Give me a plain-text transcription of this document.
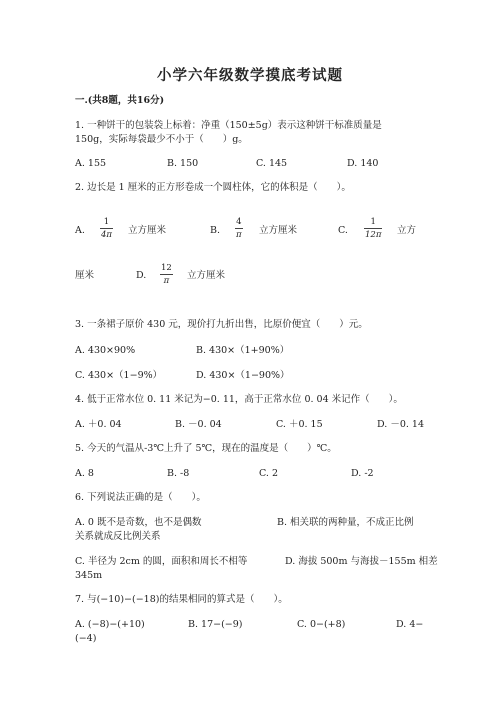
小学六年级数学摸底考试题
一.(共8题，共16分)
1. 一种饼干的包装袋上标着：净重（150±5g）表示这种饼干标准质量是
150g，实际每袋最少不小于（　　）g。
A. 155	B. 150	C. 145	D. 140
2. 边长是 1 厘米的正方形卷成一个圆柱体，它的体积是（　　）。
A.
1
4π 立方厘米	B.
4
π 立方厘米	C.
1
12π 立方
厘米	D.
12
π 立方厘米
3. 一条裙子原价 430 元，现价打九折出售，比原价便宜（　　）元。
A. 430×90%	B. 430×（1+90%）
C. 430×（1−9%）	D. 430×（1−90%）
4. 低于正常水位 0. 11 米记为−0. 11，高于正常水位 0. 04 米记作（　　）。
A. ＋0. 04	B. －0. 04	C. ＋0. 15	D. －0. 14
5. 今天的气温从-3℃上升了 5℃，现在的温度是（　　）℃。
A. 8	B. -8	C. 2	D. -2
6. 下列说法正确的是（　　）。
A. 0 既不是奇数，也不是偶数
关系就成反比例关系
B. 相关联的两种量，不成正比例
C. 半径为 2cm 的圆，面积和周长不相等
345m
D. 海拔 500m 与海拔－155m 相差
7. 与(−10)−(−18)的结果相同的算式是（　　）。
A. (−8)−(+10)	B. 17−(−9)	C. 0−(+8)	D. 4−
(−4)
